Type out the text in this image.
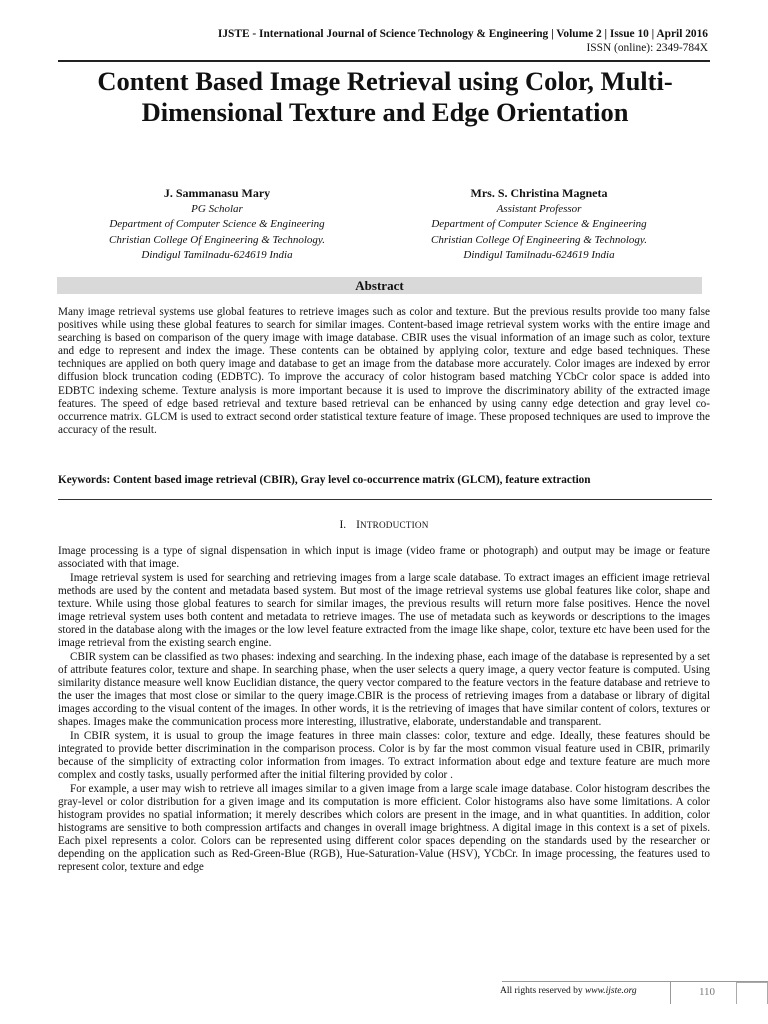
IJSTE - International Journal of Science Technology & Engineering | Volume 2 | Issue 10 | April 2016
ISSN (online): 2349-784X
Content Based Image Retrieval using Color, Multi-Dimensional Texture and Edge Orientation
J. Sammanasu Mary
PG Scholar
Department of Computer Science & Engineering
Christian College Of Engineering & Technology.
Dindigul Tamilnadu-624619 India
Mrs. S. Christina Magneta
Assistant Professor
Department of Computer Science & Engineering
Christian College Of Engineering & Technology.
Dindigul Tamilnadu-624619 India
Abstract
Many image retrieval systems use global features to retrieve images such as color and texture. But the previous results provide too many false positives while using these global features to search for similar images. Content-based image retrieval system works with the entire image and searching is based on comparison of the query image with image database. CBIR uses the visual information of an image such as color, texture and edge to represent and index the image. These contents can be obtained by applying color, texture and edge based techniques. These techniques are applied on both query image and database to get an image from the database more accurately. Color images are indexed by error diffusion block truncation coding (EDBTC). To improve the accuracy of color histogram based matching YCbCr color space is added into EDBTC indexing scheme. Texture analysis is more important because it is used to improve the discriminatory ability of the extracted image features. The speed of edge based retrieval and texture based retrieval can be enhanced by using canny edge detection and gray level co-occurrence matrix. GLCM is used to extract second order statistical texture feature of image. These proposed techniques are used to improve the accuracy of the result.
Keywords: Content based image retrieval (CBIR), Gray level co-occurrence matrix (GLCM), feature extraction
I. INTRODUCTION

Image processing is a type of signal dispensation in which input is image (video frame or photograph) and output may be image or feature associated with that image.

Image retrieval system is used for searching and retrieving images from a large scale database. To extract images an efficient image retrieval methods are used by the content and metadata based system. But most of the image retrieval systems use global features like color, shape and texture. While using those global features to search for similar images, the previous results will return more false positives. Hence the novel image retrieval system uses both content and metadata to retrieve images. The use of metadata such as keywords or descriptions to the images stored in the database along with the images or the low level feature extracted from the image like shape, color, texture etc have been used for the image retrieval from the existing search engine.

CBIR system can be classified as two phases: indexing and searching. In the indexing phase, each image of the database is represented by a set of attribute features color, texture and shape. In searching phase, when the user selects a query image, a query vector feature is computed. Using similarity distance measure well know Euclidian distance, the query vector compared to the feature vectors in the feature database and retrieve to the user the images that most close or similar to the query image.CBIR is the process of retrieving images from a database or library of digital images according to the visual content of the images. In other words, it is the retrieving of images that have similar content of colors, textures or shapes. Images make the communication process more interesting, illustrative, elaborate, understandable and transparent.

In CBIR system, it is usual to group the image features in three main classes: color, texture and edge. Ideally, these features should be integrated to provide better discrimination in the comparison process. Color is by far the most common visual feature used in CBIR, primarily because of the simplicity of extracting color information from images. To extract information about edge and texture feature are much more complex and costly tasks, usually performed after the initial filtering provided by color .

For example, a user may wish to retrieve all images similar to a given image from a large scale image database. Color histogram describes the gray-level or color distribution for a given image and its computation is more efficient. Color histograms also have some limitations. A color histogram provides no spatial information; it merely describes which colors are present in the image, and in what quantities. In addition, color histograms are sensitive to both compression artifacts and changes in overall image brightness. A digital image in this context is a set of pixels. Each pixel represents a color. Colors can be represented using different color spaces depending on the standards used by the researcher or depending on the application such as Red-Green-Blue (RGB), Hue-Saturation-Value (HSV), YCbCr. In image processing, the features used to represent color, texture and edge

All rights reserved by www.ijste.org	110
